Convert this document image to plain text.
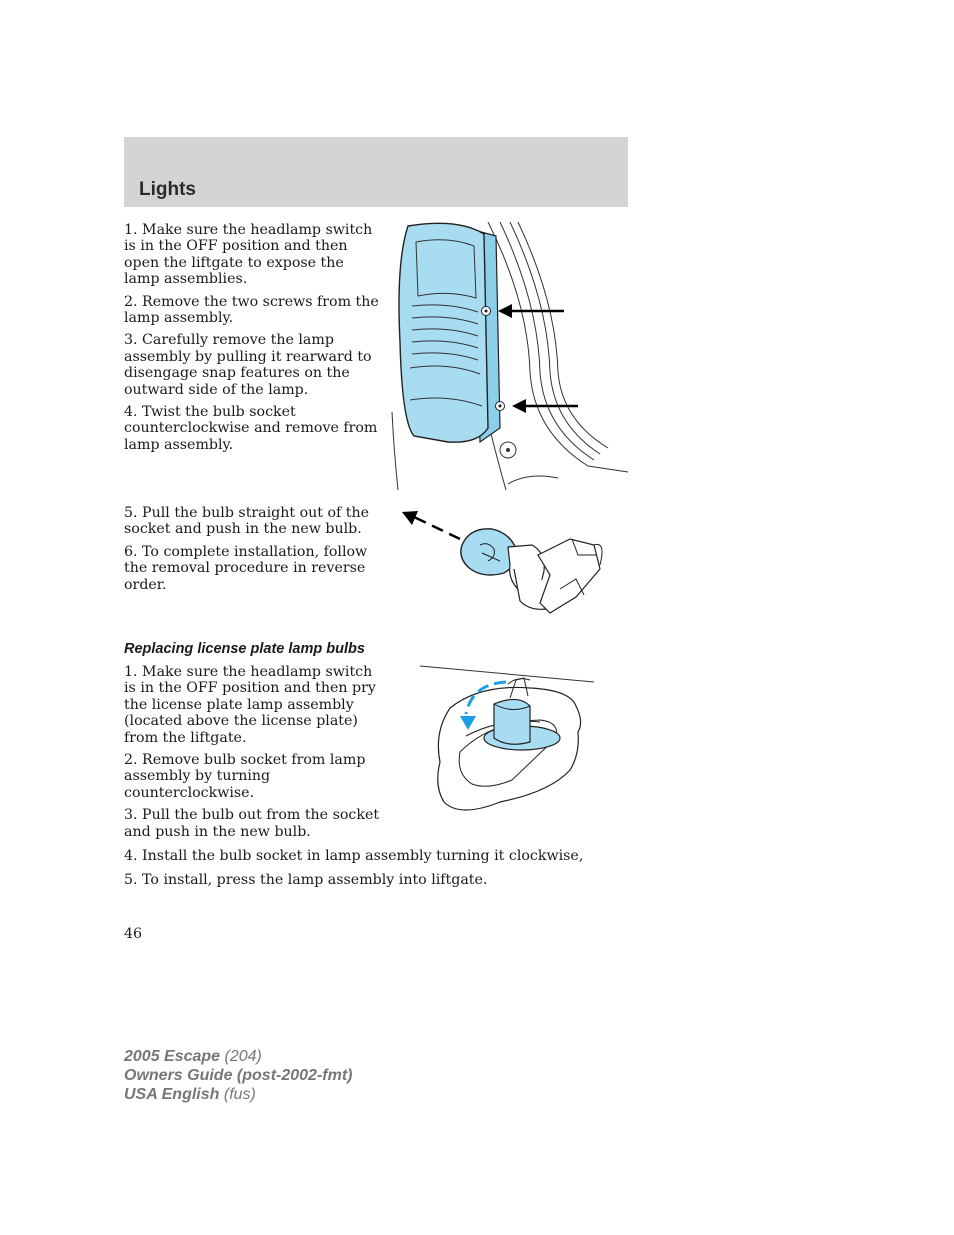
Lights

1. Make sure the headlamp switch is in the OFF position and then open the liftgate to expose the lamp assemblies.

2. Remove the two screws from the lamp assembly.

3. Carefully remove the lamp assembly by pulling it rearward to disengage snap features on the outward side of the lamp.

4. Twist the bulb socket counterclockwise and remove from lamp assembly.

5. Pull the bulb straight out of the socket and push in the new bulb.

6. To complete installation, follow the removal procedure in reverse order.

Replacing license plate lamp bulbs

1. Make sure the headlamp switch is in the OFF position and then pry the license plate lamp assembly (located above the license plate) from the liftgate.

2. Remove bulb socket from lamp assembly by turning counterclockwise.

3. Pull the bulb out from the socket and push in the new bulb.

4. Install the bulb socket in lamp assembly turning it clockwise,
5. To install, press the lamp assembly into liftgate.
46
2005 Escape (204)
Owners Guide (post-2002-fmt)
USA English (fus)
